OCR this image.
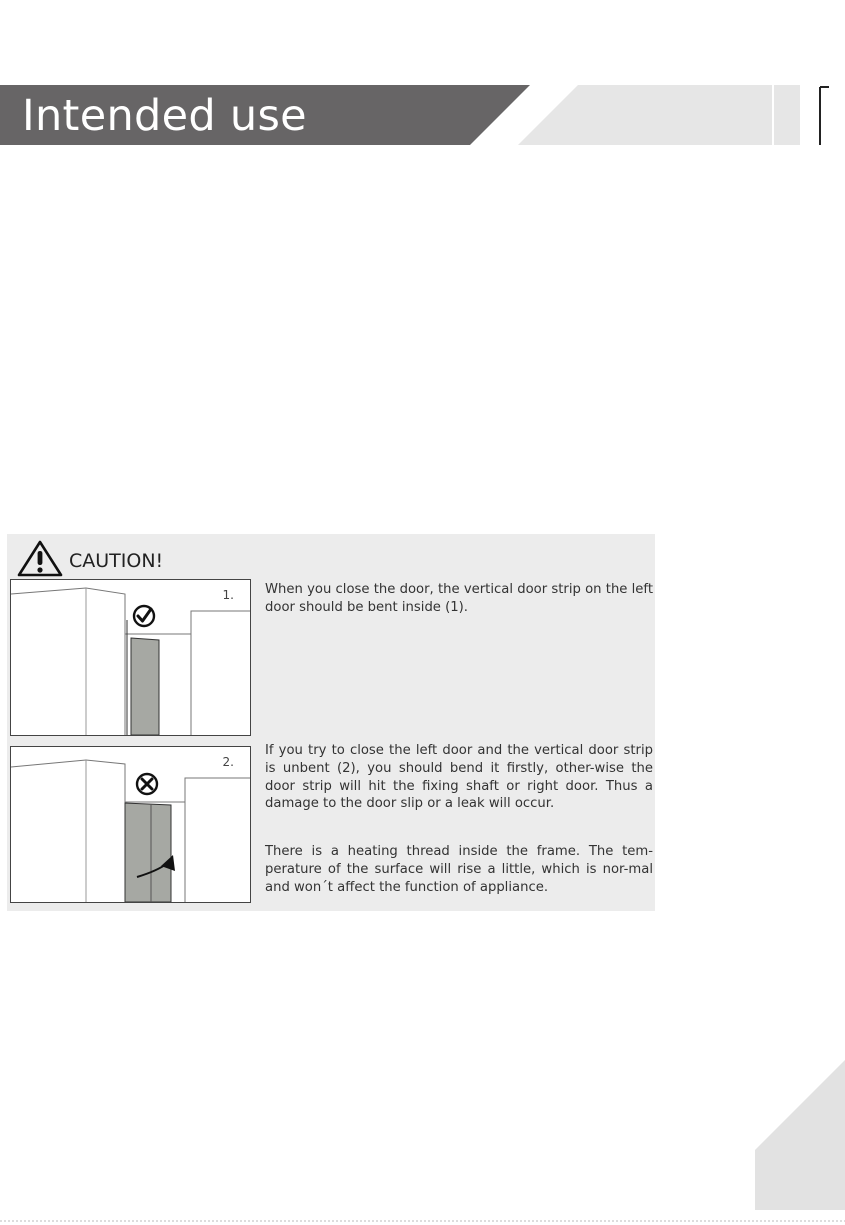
Intended use
CAUTION!
1.
2.

When you close the door, the vertical door strip on the left door should be bent inside (1).

If you try to close the left door and the vertical door strip is unbent (2), you should bend it firstly, other-wise the door strip will hit the fixing shaft or right door. Thus a damage to the door slip or a leak will occur.

There is a heating thread inside the frame. The tem-perature of the surface will rise a little, which is nor-mal and won´t affect the function of appliance.
